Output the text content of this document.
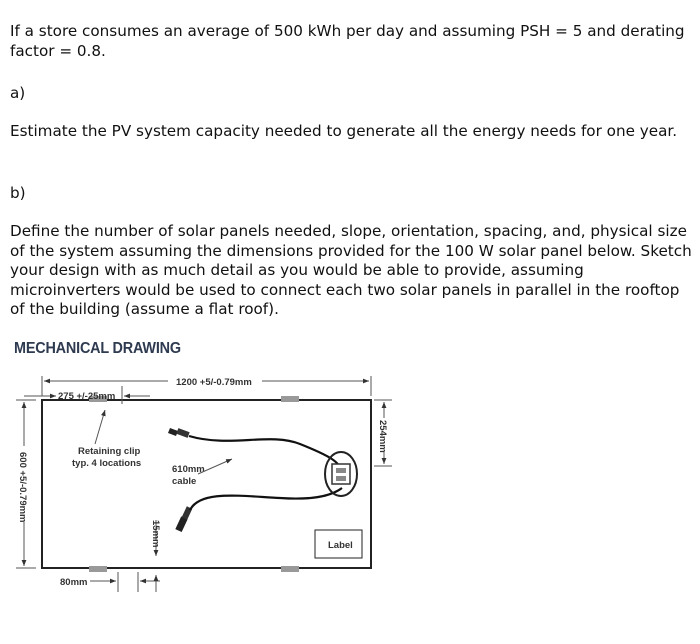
If a store consumes an average of 500 kWh per day and assuming PSH = 5 and derating factor = 0.8.

a)

Estimate the PV system capacity needed to generate all the energy needs for one year.

b)

Define the number of solar panels needed, slope, orientation, spacing, and, physical size of the system assuming the dimensions provided for the 100 W solar panel below. Sketch your design with as much detail as you would be able to provide, assuming microinverters would be used to connect each two solar panels in parallel in the rooftop of the building (assume a flat roof).

MECHANICAL DRAWING
1200 +5/-0.79mm
275 +/-25mm
600 +5/-0.79mm
254mm
Retaining clip
typ. 4 locations
610mm
cable
15mm	Label
80mm
